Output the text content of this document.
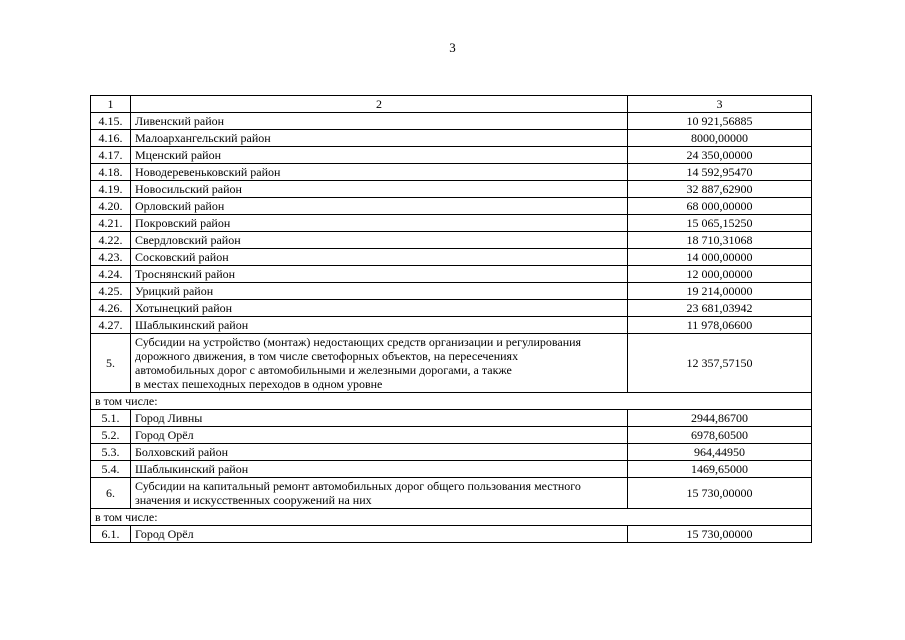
3
1	2	3
4.15.	Ливенский район	10 921,56885
4.16.	Малоархангельский район	8000,00000
4.17.	Мценский район	24 350,00000
4.18.	Новодеревеньковский район	14 592,95470
4.19.	Новосильский район	32 887,62900
4.20.	Орловский район	68 000,00000
4.21.	Покровский район	15 065,15250
4.22.	Свердловский район	18 710,31068
4.23.	Сосковский район	14 000,00000
4.24.	Троснянский район	12 000,00000
4.25.	Урицкий район	19 214,00000
4.26.	Хотынецкий район	23 681,03942
4.27.	Шаблыкинский район	11 978,06600
5.	Субсидии на устройство (монтаж) недостающих средств организации и регулирования
дорожного движения, в том числе светофорных объектов, на пересечениях
автомобильных дорог с автомобильными и железными дорогами, а также
в местах пешеходных переходов в одном уровне	12 357,57150
в том числе:		
5.1.	Город Ливны	2944,86700
5.2.	Город Орёл	6978,60500
5.3.	Болховский район	964,44950
5.4.	Шаблыкинский район	1469,65000
6.	Субсидии на капитальный ремонт автомобильных дорог общего пользования местного
значения и искусственных сооружений на них	15 730,00000
в том числе:		
6.1.	Город Орёл	15 730,00000
